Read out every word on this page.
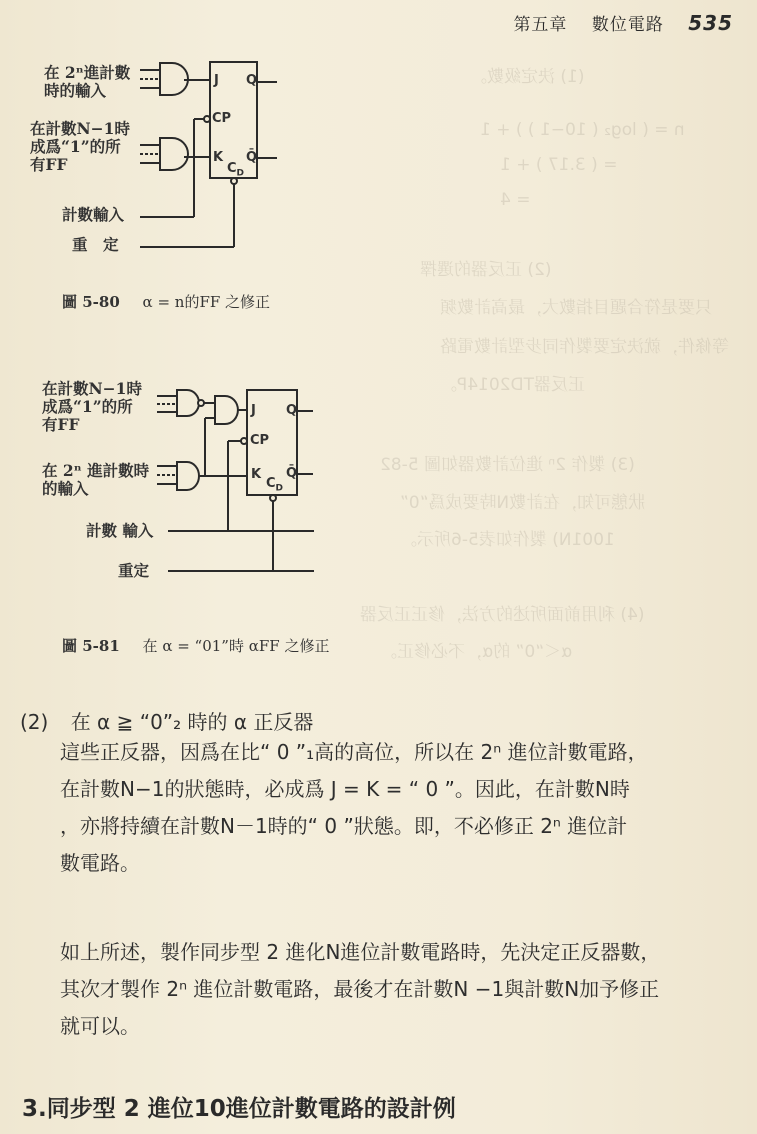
(1) 決定級數。
n = ( log₂ ( 10−1 ) ) + 1
= ( 3.17 ) + 1
= 4
(2) 正反器的選擇
只要是符合題目指數大，最高計數頻
等條件，就決定要製作同步型計數電路
正反器TD2014P。
(3) 製作 2ⁿ 進位計數器如圖 5-82
狀態可知，在計數N時要成爲“0”
1001N) 製作如表5-6所示。
(4) 利用前面所述的方法，修正正反器
α＜“0” 的α，不必修正。
第五章 數位電路 535
在 2ⁿ進計數
時的輸入
在計數N−1時
成爲“1”的所
有FF
計數輸入
重　定
J Q
CP
K Q̄
$C_D$
圖 5-80 α = n的FF 之修正
在計數N−1時
成爲“1”的所
有FF
在 2ⁿ 進計數時
的輸入
計數 輸入
重定
J Q
CP
K Q̄
$C_D$
圖 5-81 在 α = “01”時 αFF 之修正
(2) 在 α ≧ “0”₂ 時的 α 正反器
這些正反器，因爲在比“ 0 ”₁高的高位，所以在 2ⁿ 進位計數電路，
在計數N−1的狀態時，必成爲 J = K = “ 0 ”。因此，在計數N時
，亦將持續在計數N－1時的“ 0 ”狀態。即，不必修正 2ⁿ 進位計
數電路。
如上所述，製作同步型 2 進化N進位計數電路時，先決定正反器數，
其次才製作 2ⁿ 進位計數電路，最後才在計數N −1與計數N加予修正
就可以。
3.同步型 2 進位10進位計數電路的設計例
